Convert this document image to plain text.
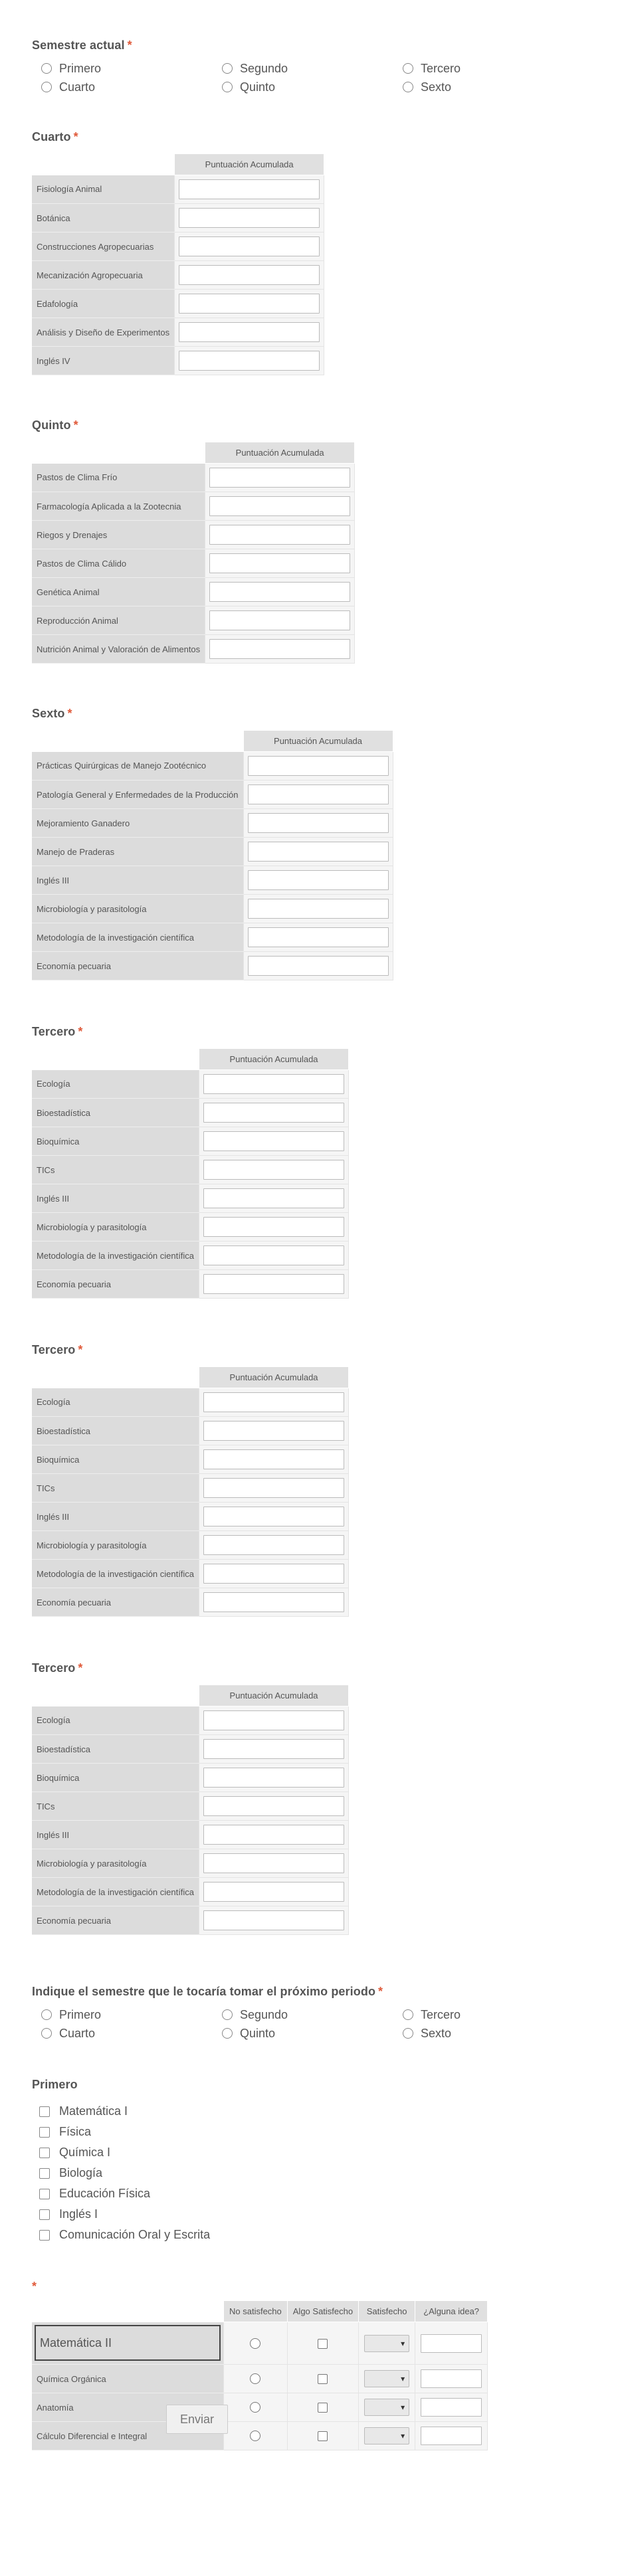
Semestre actual *

Primero	Segundo	Tercero
Cuarto	Quinto	Sexto

Cuarto *

	Puntuación Acumulada
Fisiología Animal	
Botánica	
Construcciones Agropecuarias	
Mecanización Agropecuaria	
Edafología	
Análisis y Diseño de Experimentos	
Inglés IV	

Quinto *

	Puntuación Acumulada
Pastos de Clima Frío	
Farmacología Aplicada a la Zootecnia	
Riegos y Drenajes	
Pastos de Clima Cálido	
Genética Animal	
Reproducción Animal	
Nutrición Animal y Valoración de Alimentos	

Sexto *

	Puntuación Acumulada
Prácticas Quirúrgicas de Manejo Zootécnico	
Patología General y Enfermedades de la Producción	
Mejoramiento Ganadero	
Manejo de Praderas	
Inglés III	
Microbiología y parasitología	
Metodología de la investigación científica	
Economía pecuaria	

Tercero *

	Puntuación Acumulada
Ecología	
Bioestadística	
Bioquímica	
TICs	
Inglés III	
Microbiología y parasitología	
Metodología de la investigación científica	
Economía pecuaria	

Tercero *

	Puntuación Acumulada
Ecología	
Bioestadística	
Bioquímica	
TICs	
Inglés III	
Microbiología y parasitología	
Metodología de la investigación científica	
Economía pecuaria	

Tercero *

	Puntuación Acumulada
Ecología	
Bioestadística	
Bioquímica	
TICs	
Inglés III	
Microbiología y parasitología	
Metodología de la investigación científica	
Economía pecuaria	

Indique el semestre que le tocaría tomar el próximo periodo *

Primero	Segundo	Tercero
Cuarto	Quinto	Sexto

Primero

Matemática I
Física
Química I
Biología
Educación Física
Inglés I
Comunicación Oral y Escrita

*

	No satisfecho	Algo Satisfecho	Satisfecho	¿Alguna idea?

Matemática II			▾

Química Orgánica			▾

Anatomía			▾

Cálculo Diferencial e Integral			▾

Enviar
